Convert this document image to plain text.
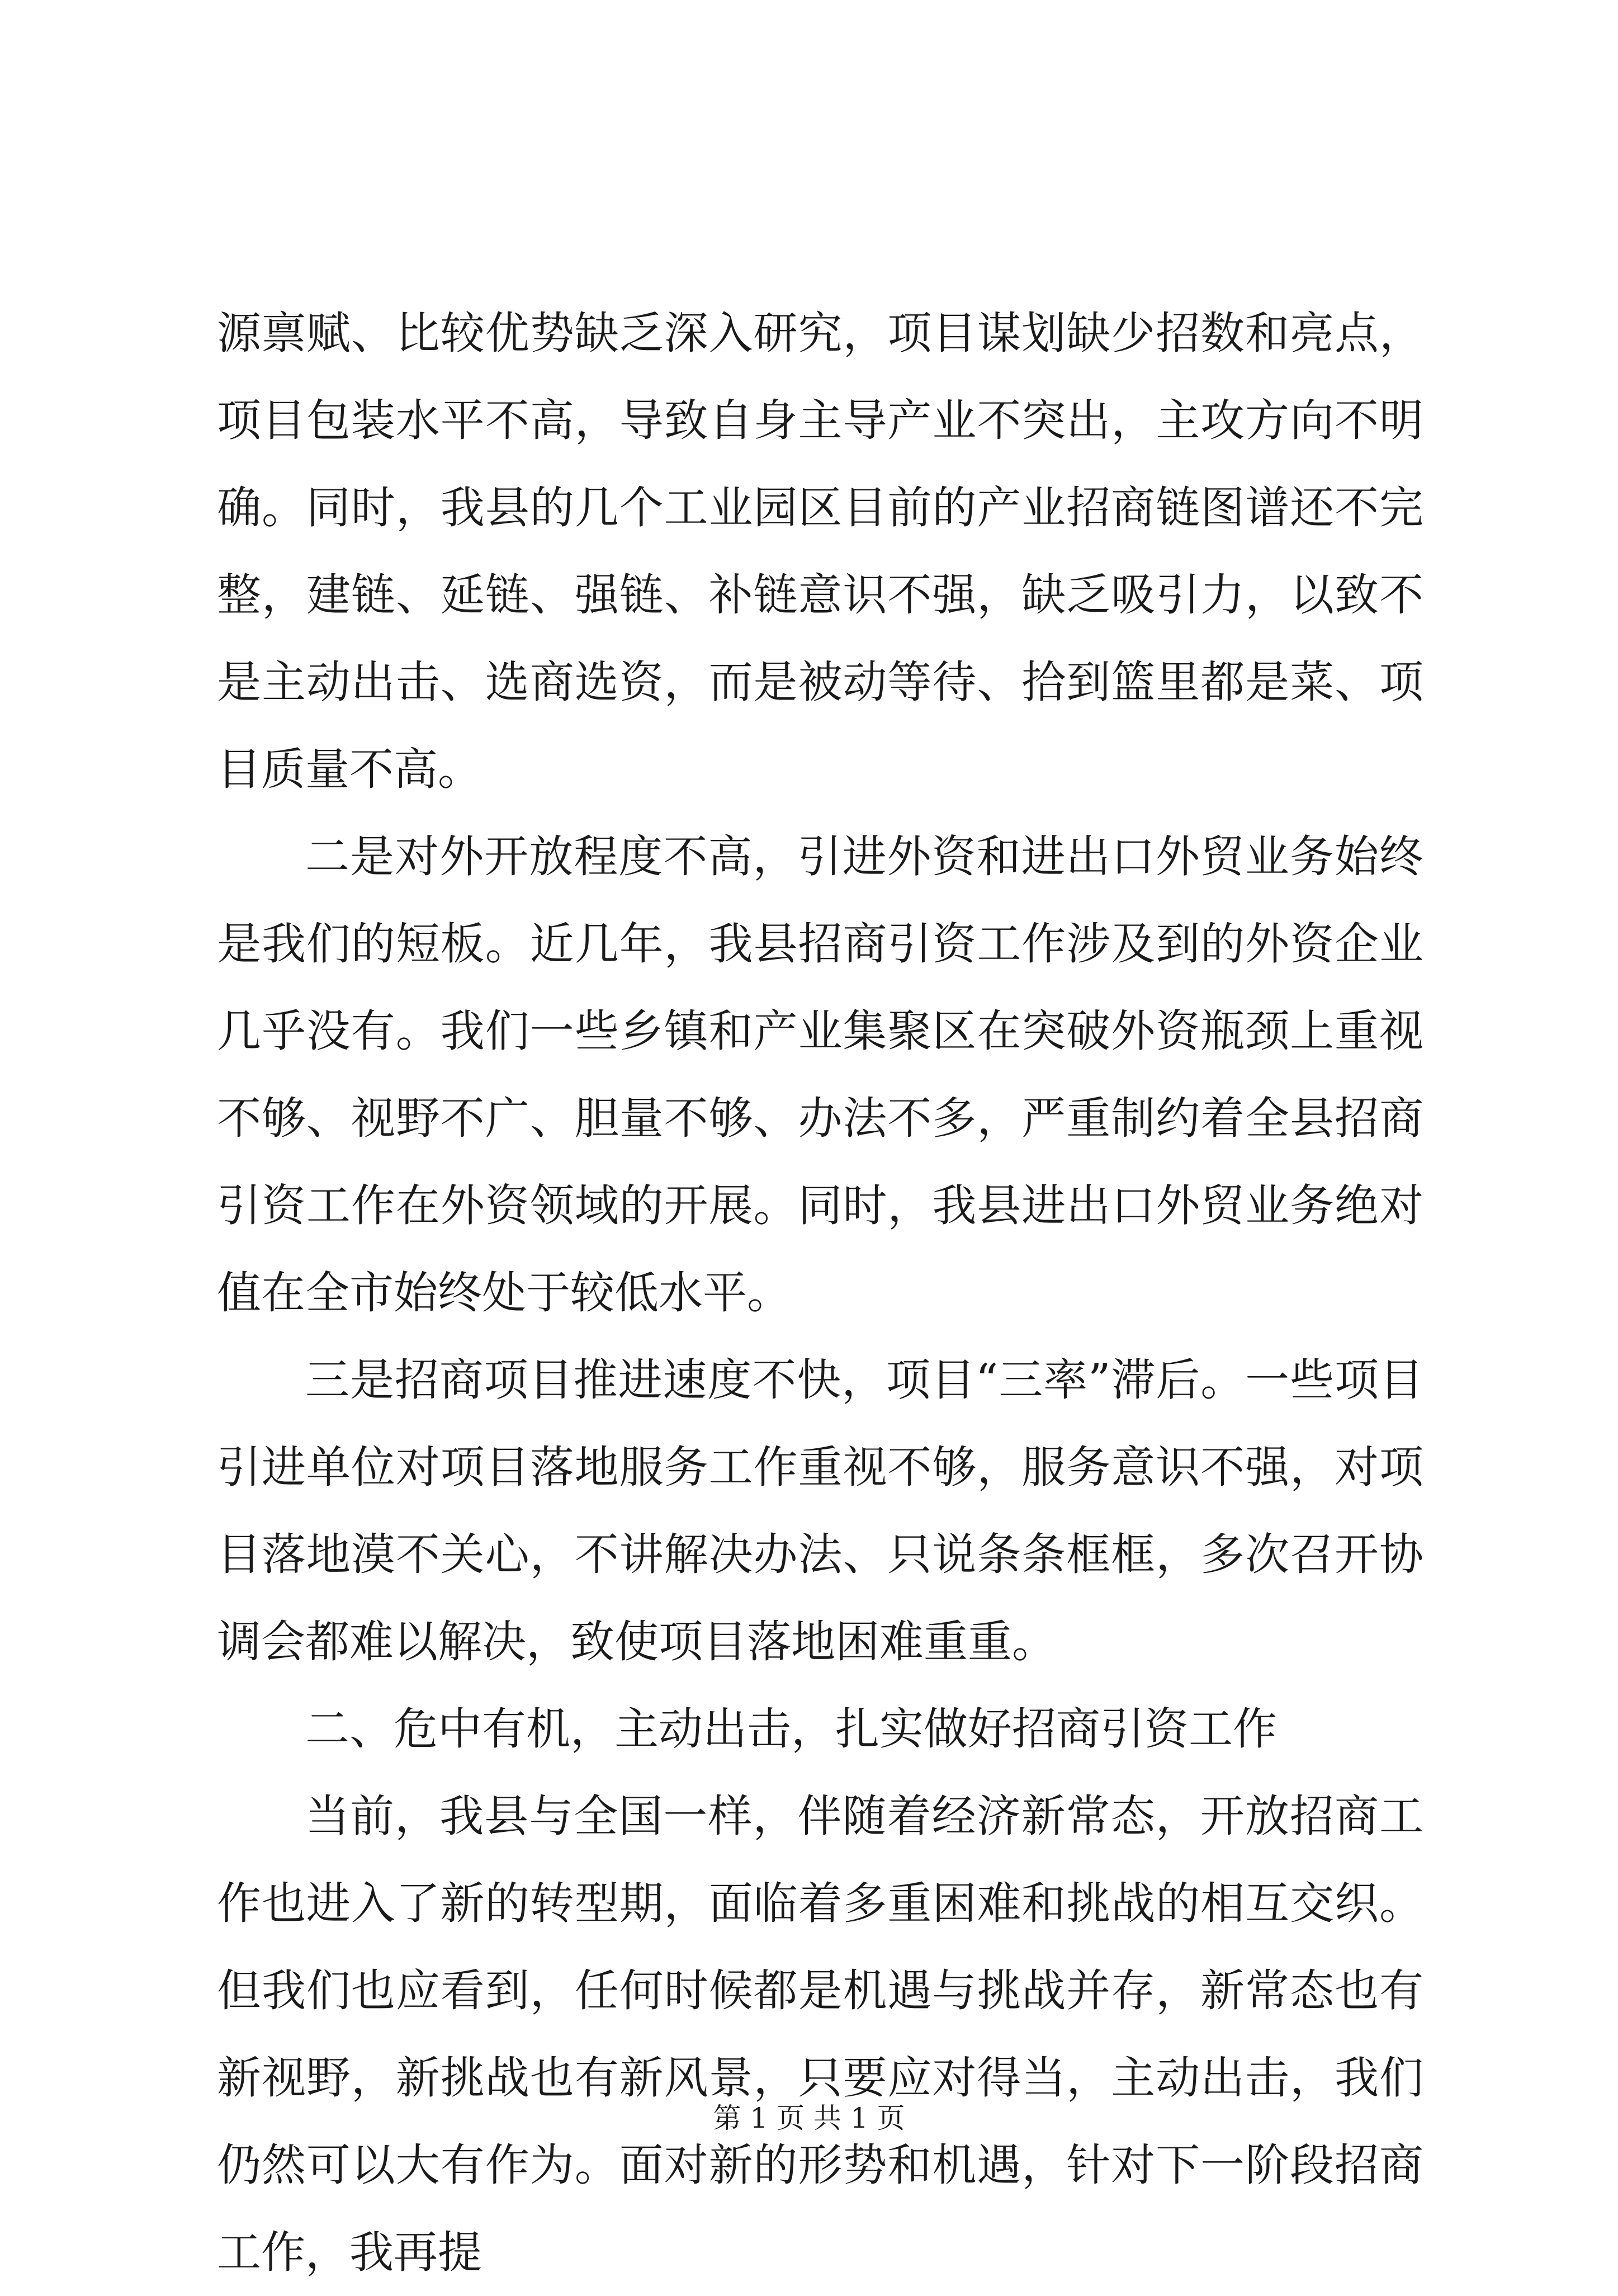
源禀赋、比较优势缺乏深入研究，项目谋划缺少招数和亮点，项目包装水平不高，导致自身主导产业不突出，主攻方向不明确。同时，我县的几个工业园区目前的产业招商链图谱还不完整，建链、延链、强链、补链意识不强，缺乏吸引力，以致不是主动出击、选商选资，而是被动等待、拾到篮里都是菜、项目质量不高。

二是对外开放程度不高，引进外资和进出口外贸业务始终是我们的短板。近几年，我县招商引资工作涉及到的外资企业几乎没有。我们一些乡镇和产业集聚区在突破外资瓶颈上重视不够、视野不广、胆量不够、办法不多，严重制约着全县招商引资工作在外资领域的开展。同时，我县进出口外贸业务绝对值在全市始终处于较低水平。

三是招商项目推进速度不快，项目“三率”滞后。一些项目引进单位对项目落地服务工作重视不够，服务意识不强，对项目落地漠不关心，不讲解决办法、只说条条框框，多次召开协调会都难以解决，致使项目落地困难重重。

二、危中有机，主动出击，扎实做好招商引资工作

当前，我县与全国一样，伴随着经济新常态，开放招商工作也进入了新的转型期，面临着多重困难和挑战的相互交织。但我们也应看到，任何时候都是机遇与挑战并存，新常态也有新视野，新挑战也有新风景，只要应对得当，主动出击，我们仍然可以大有作为。面对新的形势和机遇，针对下一阶段招商工作，我再提

第 1 页 共 1 页
